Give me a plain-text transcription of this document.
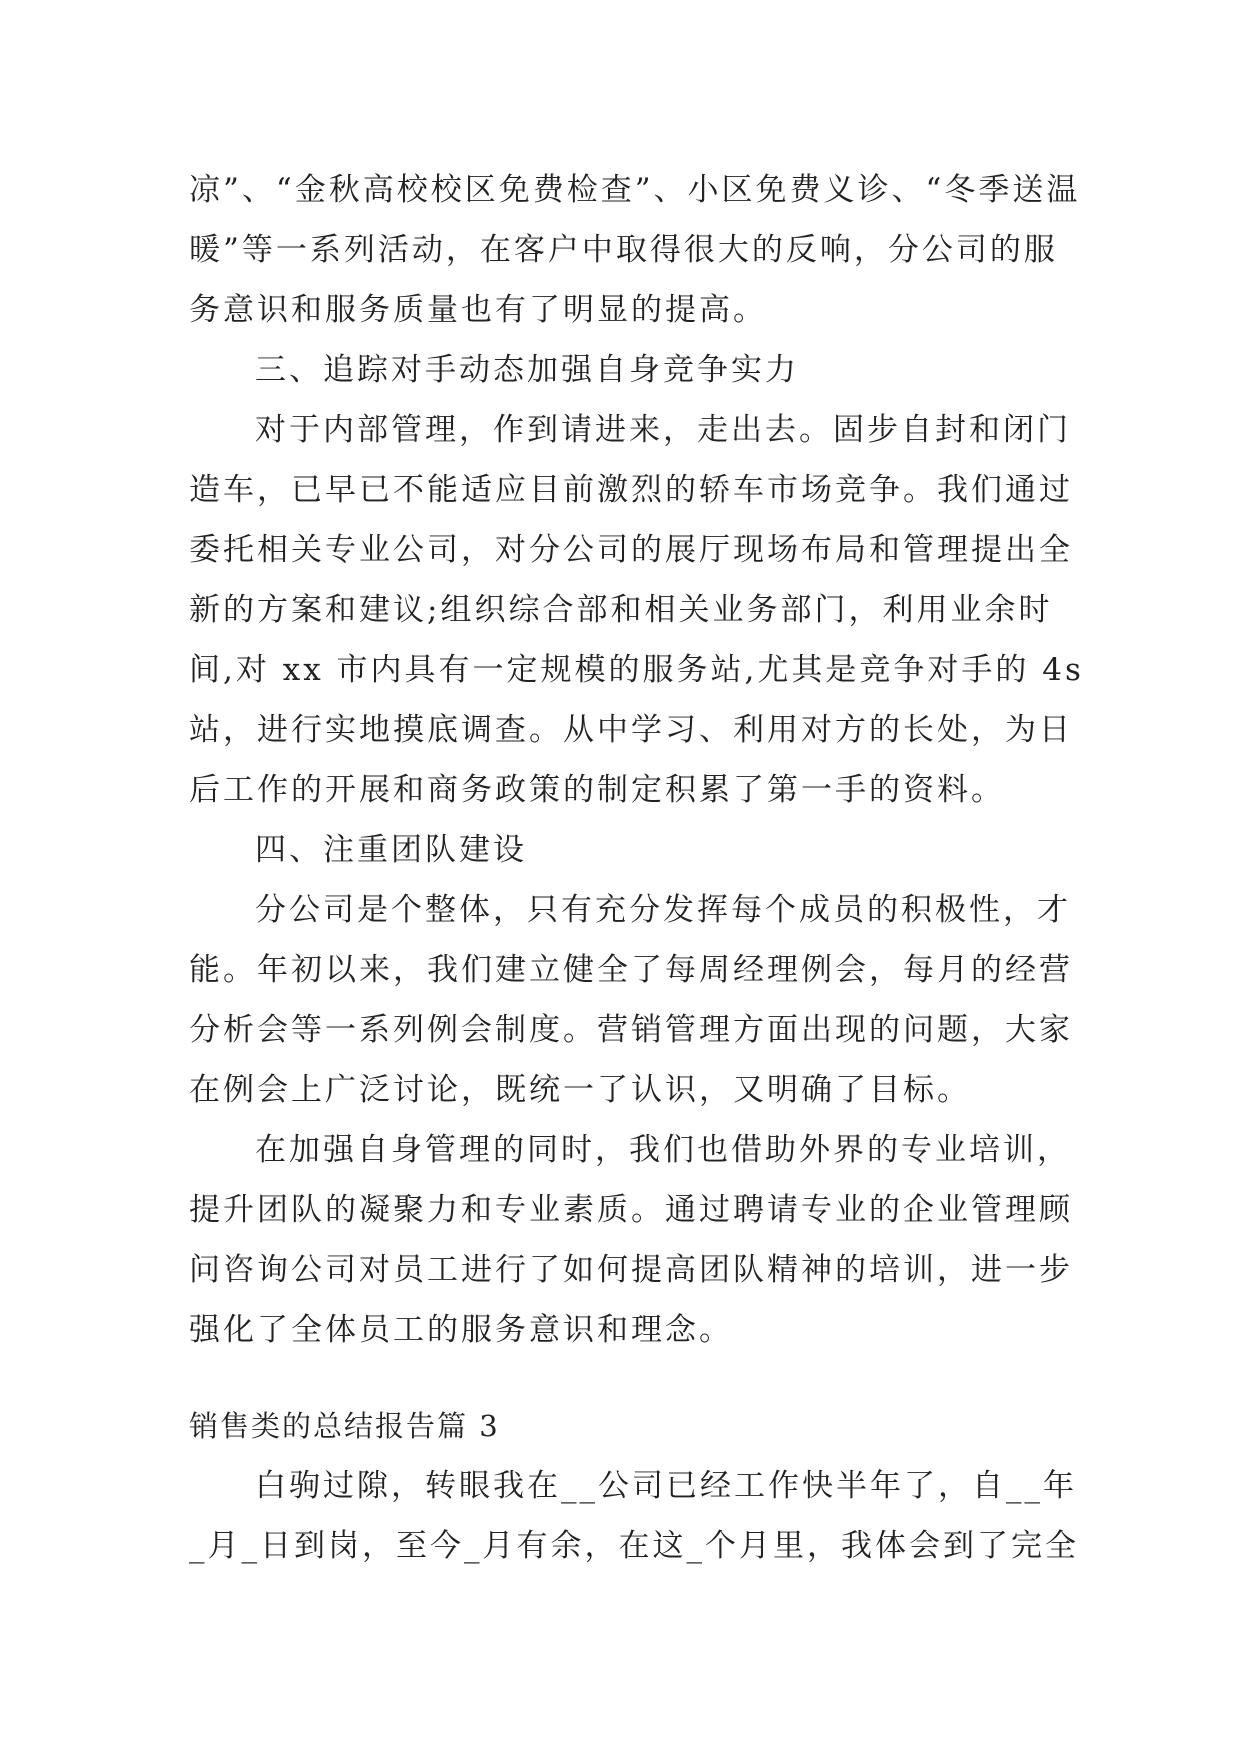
凉”、“金秋高校校区免费检查”、小区免费义诊、“冬季送温
暖”等一系列活动，在客户中取得很大的反响，分公司的服
务意识和服务质量也有了明显的提高。
三、追踪对手动态加强自身竞争实力
对于内部管理，作到请进来，走出去。固步自封和闭门
造车，已早已不能适应目前激烈的轿车市场竞争。我们通过
委托相关专业公司，对分公司的展厅现场布局和管理提出全
新的方案和建议;组织综合部和相关业务部门，利用业余时
间,对 xx 市内具有一定规模的服务站,尤其是竞争对手的 4s
站，进行实地摸底调查。从中学习、利用对方的长处，为日
后工作的开展和商务政策的制定积累了第一手的资料。
四、注重团队建设
分公司是个整体，只有充分发挥每个成员的积极性，才
能。年初以来，我们建立健全了每周经理例会，每月的经营
分析会等一系列例会制度。营销管理方面出现的问题，大家
在例会上广泛讨论，既统一了认识，又明确了目标。
在加强自身管理的同时，我们也借助外界的专业培训，
提升团队的凝聚力和专业素质。通过聘请专业的企业管理顾
问咨询公司对员工进行了如何提高团队精神的培训，进一步
强化了全体员工的服务意识和理念。
销售类的总结报告篇 3
白驹过隙，转眼我在__公司已经工作快半年了，自__年
_月_日到岗，至今_月有余，在这_个月里，我体会到了完全
